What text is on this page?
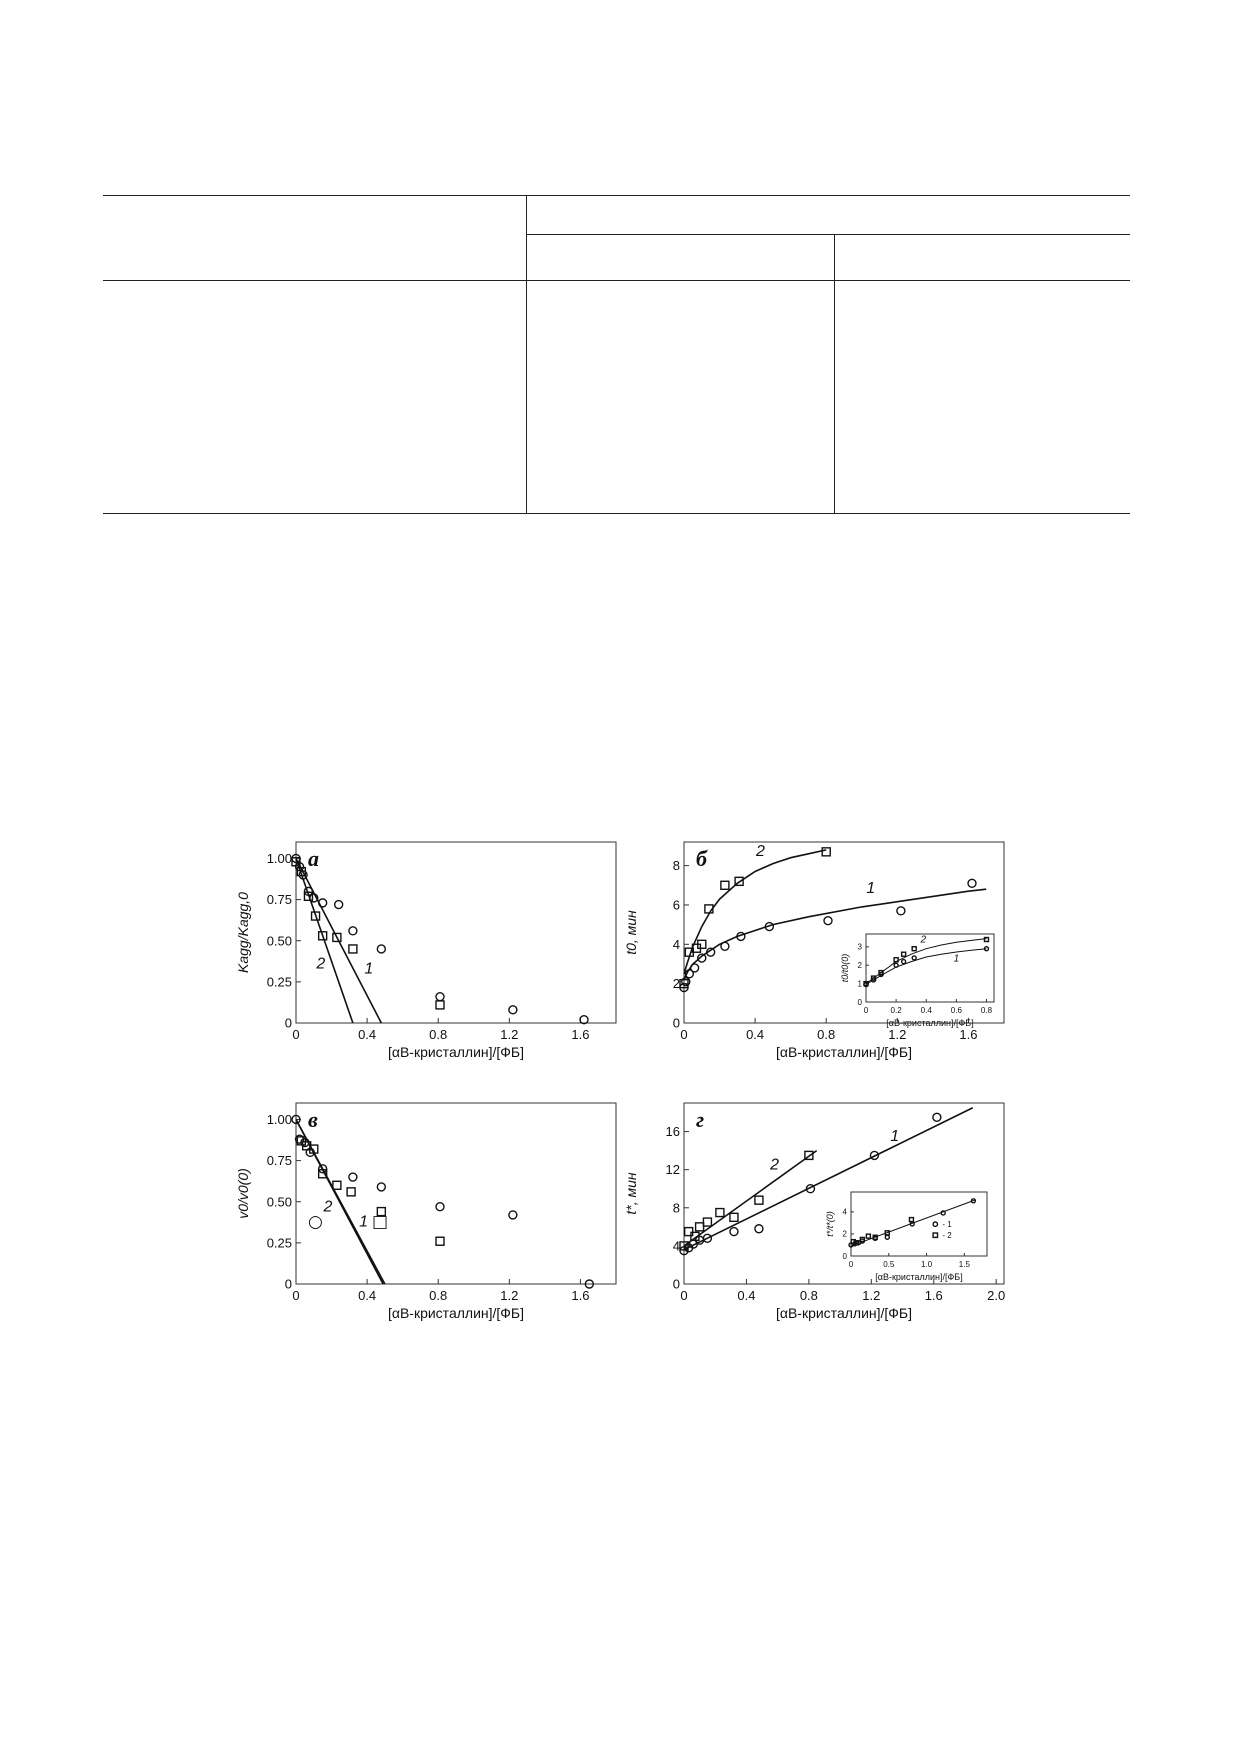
0	0.4	0.8	1.2	1.6
0
0.25
0.50
0.75
1.00
[αB-кристаллин]/[ФБ]
Kagg/Kagg,0	1
2
а
0	0.4	0.8	1.2	1.6
0
2
4
6
8
[αB-кристаллин]/[ФБ]
t0, мин
1
2
б
0	0.2 0.4 0.6 0.8
0
1
2
3
[αB-кристаллин]/[ФБ]
t0/t0(0)	1
2
0	0.4	0.8	1.2	1.6
0
0.25
0.50
0.75
1.00
[αB-кристаллин]/[ФБ]
v0/v0(0)
1
2
в
0	0.4	0.8	1.2	1.6	2.0
0
4
8
12
16
[αB-кристаллин]/[ФБ]
t*, мин
1
2
г
0	0.5	1.0	1.5
0
2
4
[αB-кристаллин]/[ФБ]
t*/t*(0)	- 1
- 2
○	□
